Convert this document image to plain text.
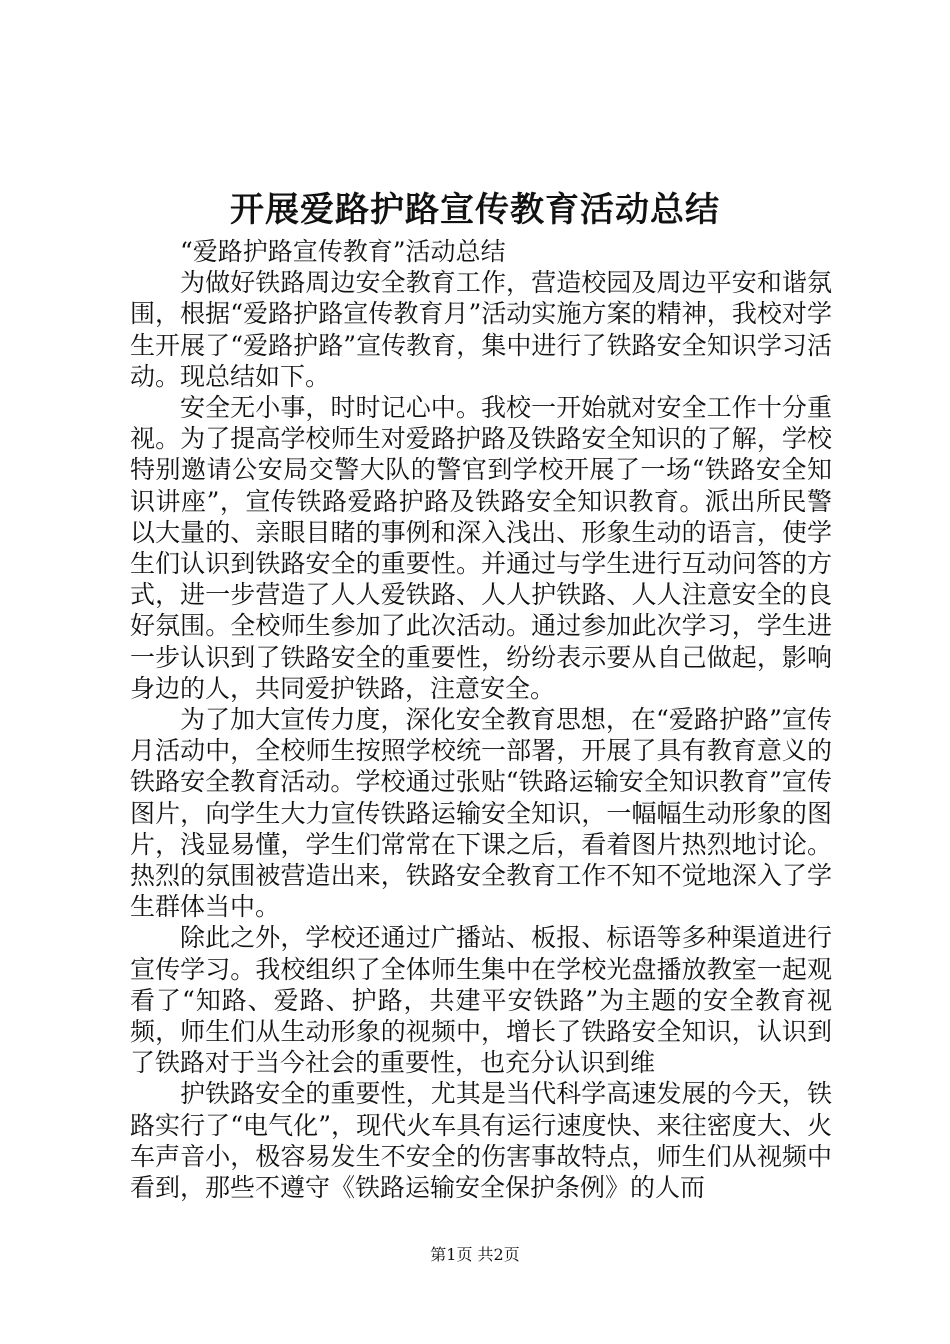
开展爱路护路宣传教育活动总结

“爱路护路宣传教育”活动总结

为做好铁路周边安全教育工作，营造校园及周边平安和谐氛围，根据“爱路护路宣传教育月”活动实施方案的精神，我校对学生开展了“爱路护路”宣传教育，集中进行了铁路安全知识学习活动。现总结如下。

安全无小事，时时记心中。我校一开始就对安全工作十分重视。为了提高学校师生对爱路护路及铁路安全知识的了解，学校特别邀请公安局交警大队的警官到学校开展了一场“铁路安全知识讲座”，宣传铁路爱路护路及铁路安全知识教育。派出所民警以大量的、亲眼目睹的事例和深入浅出、形象生动的语言，使学生们认识到铁路安全的重要性。并通过与学生进行互动问答的方式，进一步营造了人人爱铁路、人人护铁路、人人注意安全的良好氛围。全校师生参加了此次活动。通过参加此次学习，学生进一步认识到了铁路安全的重要性，纷纷表示要从自己做起，影响身边的人，共同爱护铁路，注意安全。

为了加大宣传力度，深化安全教育思想，在“爱路护路”宣传月活动中，全校师生按照学校统一部署，开展了具有教育意义的铁路安全教育活动。学校通过张贴“铁路运输安全知识教育”宣传图片，向学生大力宣传铁路运输安全知识，一幅幅生动形象的图片，浅显易懂，学生们常常在下课之后，看着图片热烈地讨论。热烈的氛围被营造出来，铁路安全教育工作不知不觉地深入了学生群体当中。

除此之外，学校还通过广播站、板报、标语等多种渠道进行宣传学习。我校组织了全体师生集中在学校光盘播放教室一起观看了“知路、爱路、护路，共建平安铁路”为主题的安全教育视频，师生们从生动形象的视频中，增长了铁路安全知识，认识到了铁路对于当今社会的重要性，也充分认识到维

护铁路安全的重要性，尤其是当代科学高速发展的今天，铁路实行了“电气化”，现代火车具有运行速度快、来往密度大、火车声音小，极容易发生不安全的伤害事故特点，师生们从视频中看到，那些不遵守《铁路运输安全保护条例》的人而

第1页 共2页
